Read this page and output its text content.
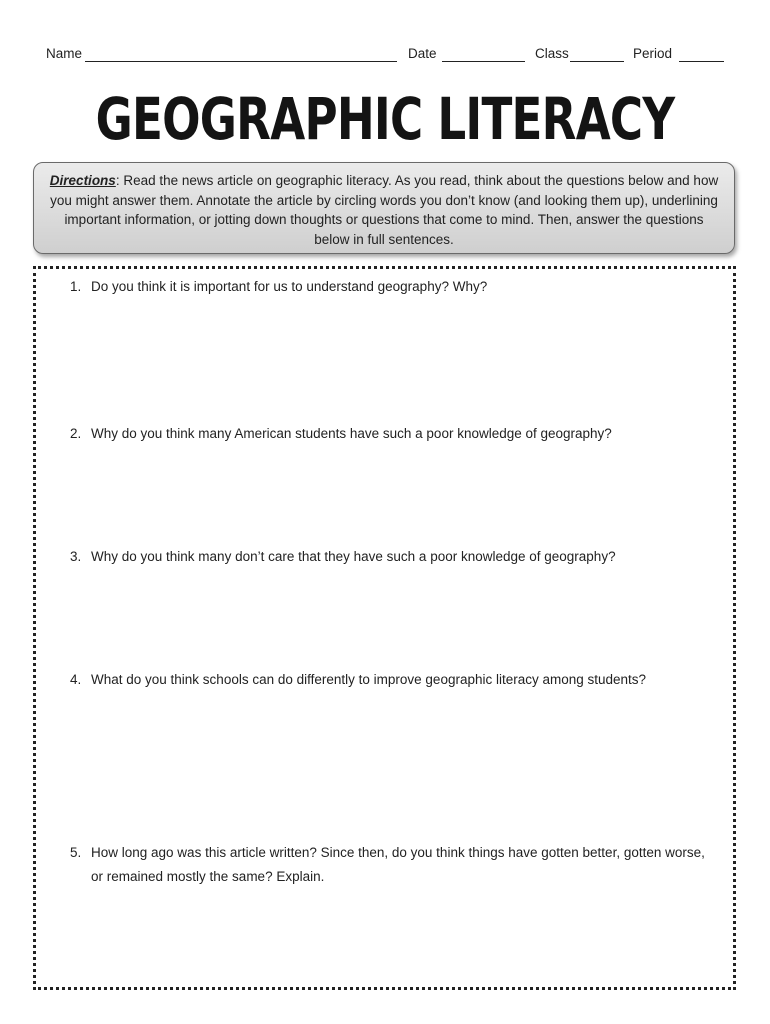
Name	Date	Class	Period
GEOGRAPHIC LITERACY
Directions: Read the news article on geographic literacy. As you read, think about the questions below and how you might answer them. Annotate the article by circling words you don’t know (and looking them up), underlining important information, or jotting down thoughts or questions that come to mind. Then, answer the questions below in full sentences.
1. Do you think it is important for us to understand geography? Why?
2. Why do you think many American students have such a poor knowledge of geography?
3. Why do you think many don’t care that they have such a poor knowledge of geography?
4. What do you think schools can do differently to improve geographic literacy among students?
5. How long ago was this article written? Since then, do you think things have gotten better, gotten worse, or remained mostly the same? Explain.
